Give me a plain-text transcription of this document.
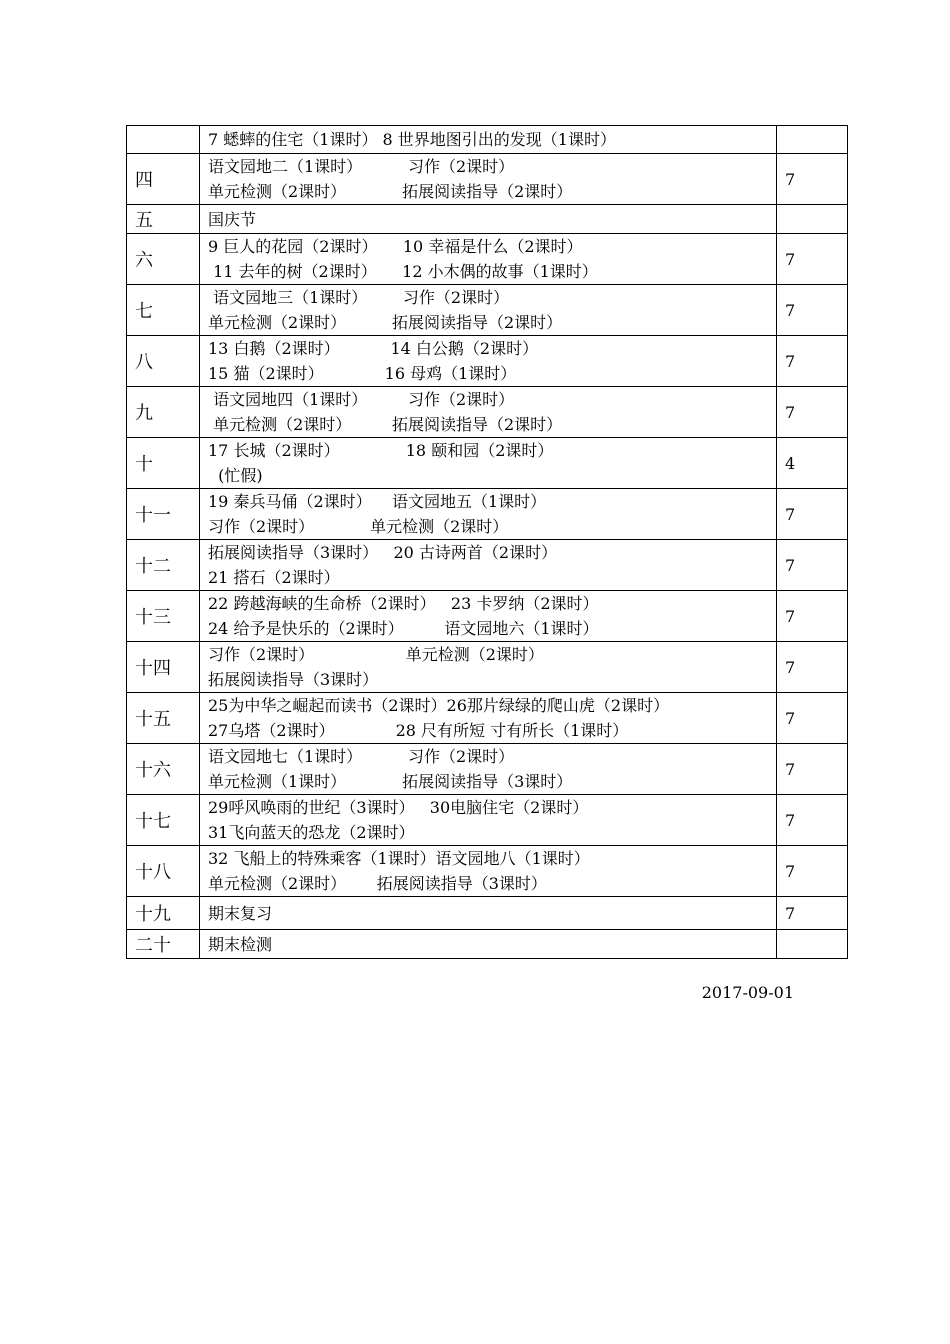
	7 蟋蟀的住宅（1课时） 8 世界地图引出的发现（1课时）	

四	语文园地二（1课时）         习作（2课时）
单元检测（2课时）           拓展阅读指导（2课时）	7
五	国庆节	

六	9 巨人的花园（2课时）     10 幸福是什么（2课时）
11 去年的树（2课时）     12 小木偶的故事（1课时）	7
七	语文园地三（1课时）       习作（2课时）
单元检测（2课时）         拓展阅读指导（2课时）	7
八	13 白鹅（2课时）          14 白公鹅（2课时）
15 猫（2课时）            16 母鸡（1课时）	7
九	语文园地四（1课时）        习作（2课时）
单元检测（2课时）        拓展阅读指导（2课时）	7
十	17 长城（2课时）             18 颐和园（2课时）
(忙假)	4
十一	19 秦兵马俑（2课时）    语文园地五（1课时）
习作（2课时）           单元检测（2课时）	7
十二	拓展阅读指导（3课时）   20 古诗两首（2课时）
21 搭石（2课时）	7
十三	22 跨越海峡的生命桥（2课时）   23 卡罗纳（2课时）
24 给予是快乐的（2课时）        语文园地六（1课时）	7
十四	习作（2课时）                  单元检测（2课时）
拓展阅读指导（3课时）	7
十五	25为中华之崛起而读书（2课时）26那片绿绿的爬山虎（2课时）
27乌塔（2课时）            28 尺有所短 寸有所长（1课时）	7
十六	语文园地七（1课时）         习作（2课时）
单元检测（1课时）           拓展阅读指导（3课时）	7
十七	29呼风唤雨的世纪（3课时）   30电脑住宅（2课时）
31飞向蓝天的恐龙（2课时）	7
十八	32 飞船上的特殊乘客（1课时）语文园地八（1课时）
单元检测（2课时）      拓展阅读指导（3课时）	7
十九	期末复习	7
二十	期末检测	

2017-09-01
